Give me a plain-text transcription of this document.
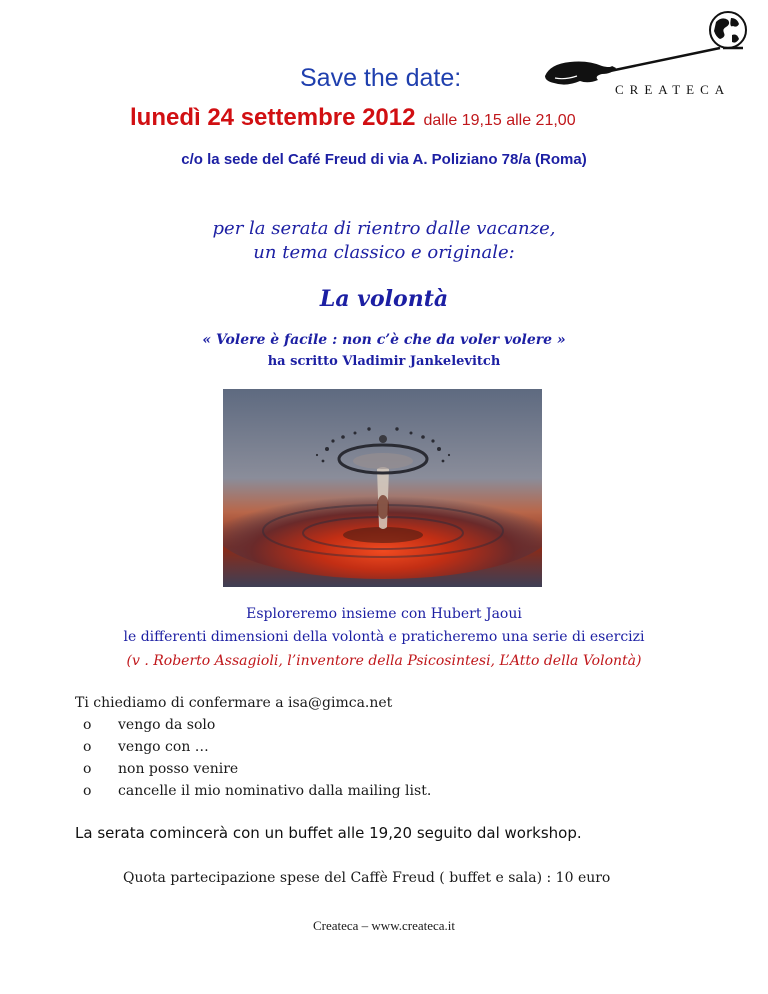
CREATECA
Save the date:
lunedì 24 settembre 2012 dalle 19,15 alle 21,00
c/o la sede del Café Freud di via A. Poliziano 78/a (Roma)
per la serata di rientro dalle vacanze,
un tema classico e originale:
La volontà
« Volere è facile : non c’è che da voler volere »
ha scritto Vladimir Jankelevitch
Esploreremo insieme con Hubert Jaoui
le differenti dimensioni della volontà e praticheremo una serie di esercizi
(v . Roberto Assagioli, l’inventore della Psicosintesi, L’Atto della Volontà)
Ti chiediamo di confermare a isa@gimca.net
o vengo da solo
o vengo con …
o non posso venire
o cancelle il mio nominativo dalla mailing list.
La serata comincerà con un buffet alle 19,20 seguito dal workshop.
Quota partecipazione spese del Caffè Freud ( buffet e sala) : 10 euro
Createca – www.createca.it
